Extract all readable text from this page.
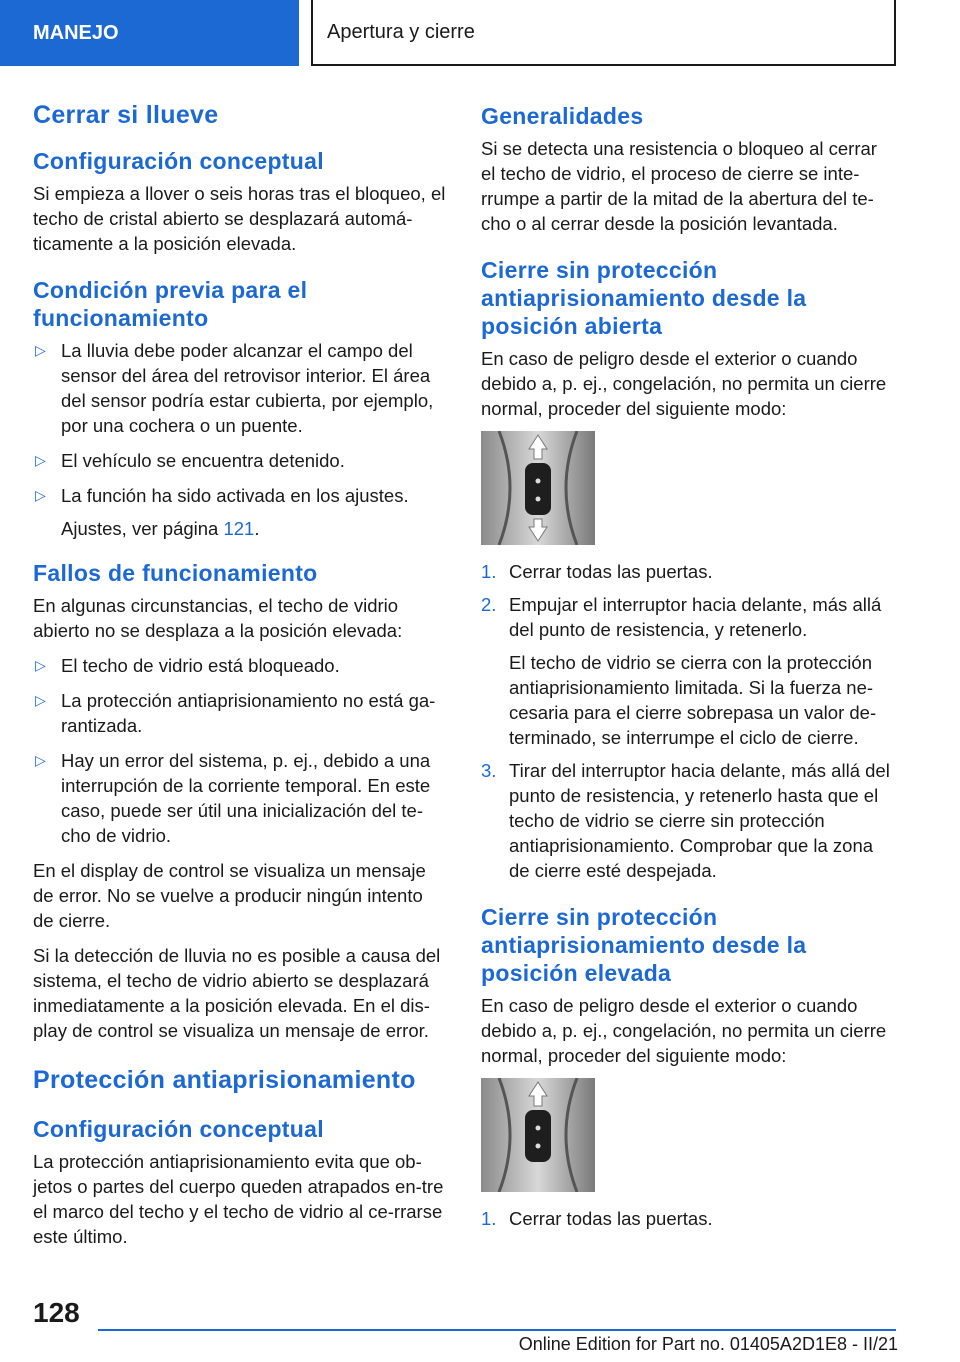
MANEJO	Apertura y cierre
Cerrar si llueve
Configuración conceptual

Si empieza a llover o seis horas tras el bloqueo, el techo de cristal abierto se desplazará automá-ticamente a la posición elevada.

Condición previa para el funcionamiento
▷ La lluvia debe poder alcanzar el campo del sensor del área del retrovisor interior. El área del sensor podría estar cubierta, por ejemplo, por una cochera o un puente.
▷ El vehículo se encuentra detenido.
▷ La función ha sido activada en los ajustes.
Ajustes, ver página 121.
Fallos de funcionamiento

En algunas circunstancias, el techo de vidrio abierto no se desplaza a la posición elevada:

▷ El techo de vidrio está bloqueado.
▷ La protección antiaprisionamiento no está ga-rantizada.
▷ Hay un error del sistema, p. ej., debido a una interrupción de la corriente temporal. En este caso, puede ser útil una inicialización del te-cho de vidrio.

En el display de control se visualiza un mensaje de error. No se vuelve a producir ningún intento de cierre.

Si la detección de lluvia no es posible a causa del sistema, el techo de vidrio abierto se desplazará inmediatamente a la posición elevada. En el dis-play de control se visualiza un mensaje de error.

Protección antiaprisionamiento
Configuración conceptual

La protección antiaprisionamiento evita que ob-jetos o partes del cuerpo queden atrapados en-tre el marco del techo y el techo de vidrio al ce-rrarse este último.

Generalidades

Si se detecta una resistencia o bloqueo al cerrar el techo de vidrio, el proceso de cierre se inte-rrumpe a partir de la mitad de la abertura del te-cho o al cerrar desde la posición levantada.

Cierre sin protección antiaprisionamiento desde la posición abierta

En caso de peligro desde el exterior o cuando debido a, p. ej., congelación, no permita un cierre normal, proceder del siguiente modo:

1. Cerrar todas las puertas.
2. Empujar el interruptor hacia delante, más allá del punto de resistencia, y retenerlo.
El techo de vidrio se cierra con la protección antiaprisionamiento limitada. Si la fuerza ne-cesaria para el cierre sobrepasa un valor de-terminado, se interrumpe el ciclo de cierre.
3. Tirar del interruptor hacia delante, más allá del punto de resistencia, y retenerlo hasta que el techo de vidrio se cierre sin protección antiaprisionamiento. Comprobar que la zona de cierre esté despejada.
Cierre sin protección antiaprisionamiento desde la posición elevada

En caso de peligro desde el exterior o cuando debido a, p. ej., congelación, no permita un cierre normal, proceder del siguiente modo:

1. Cerrar todas las puertas.
128
Online Edition for Part no. 01405A2D1E8 - II/21
